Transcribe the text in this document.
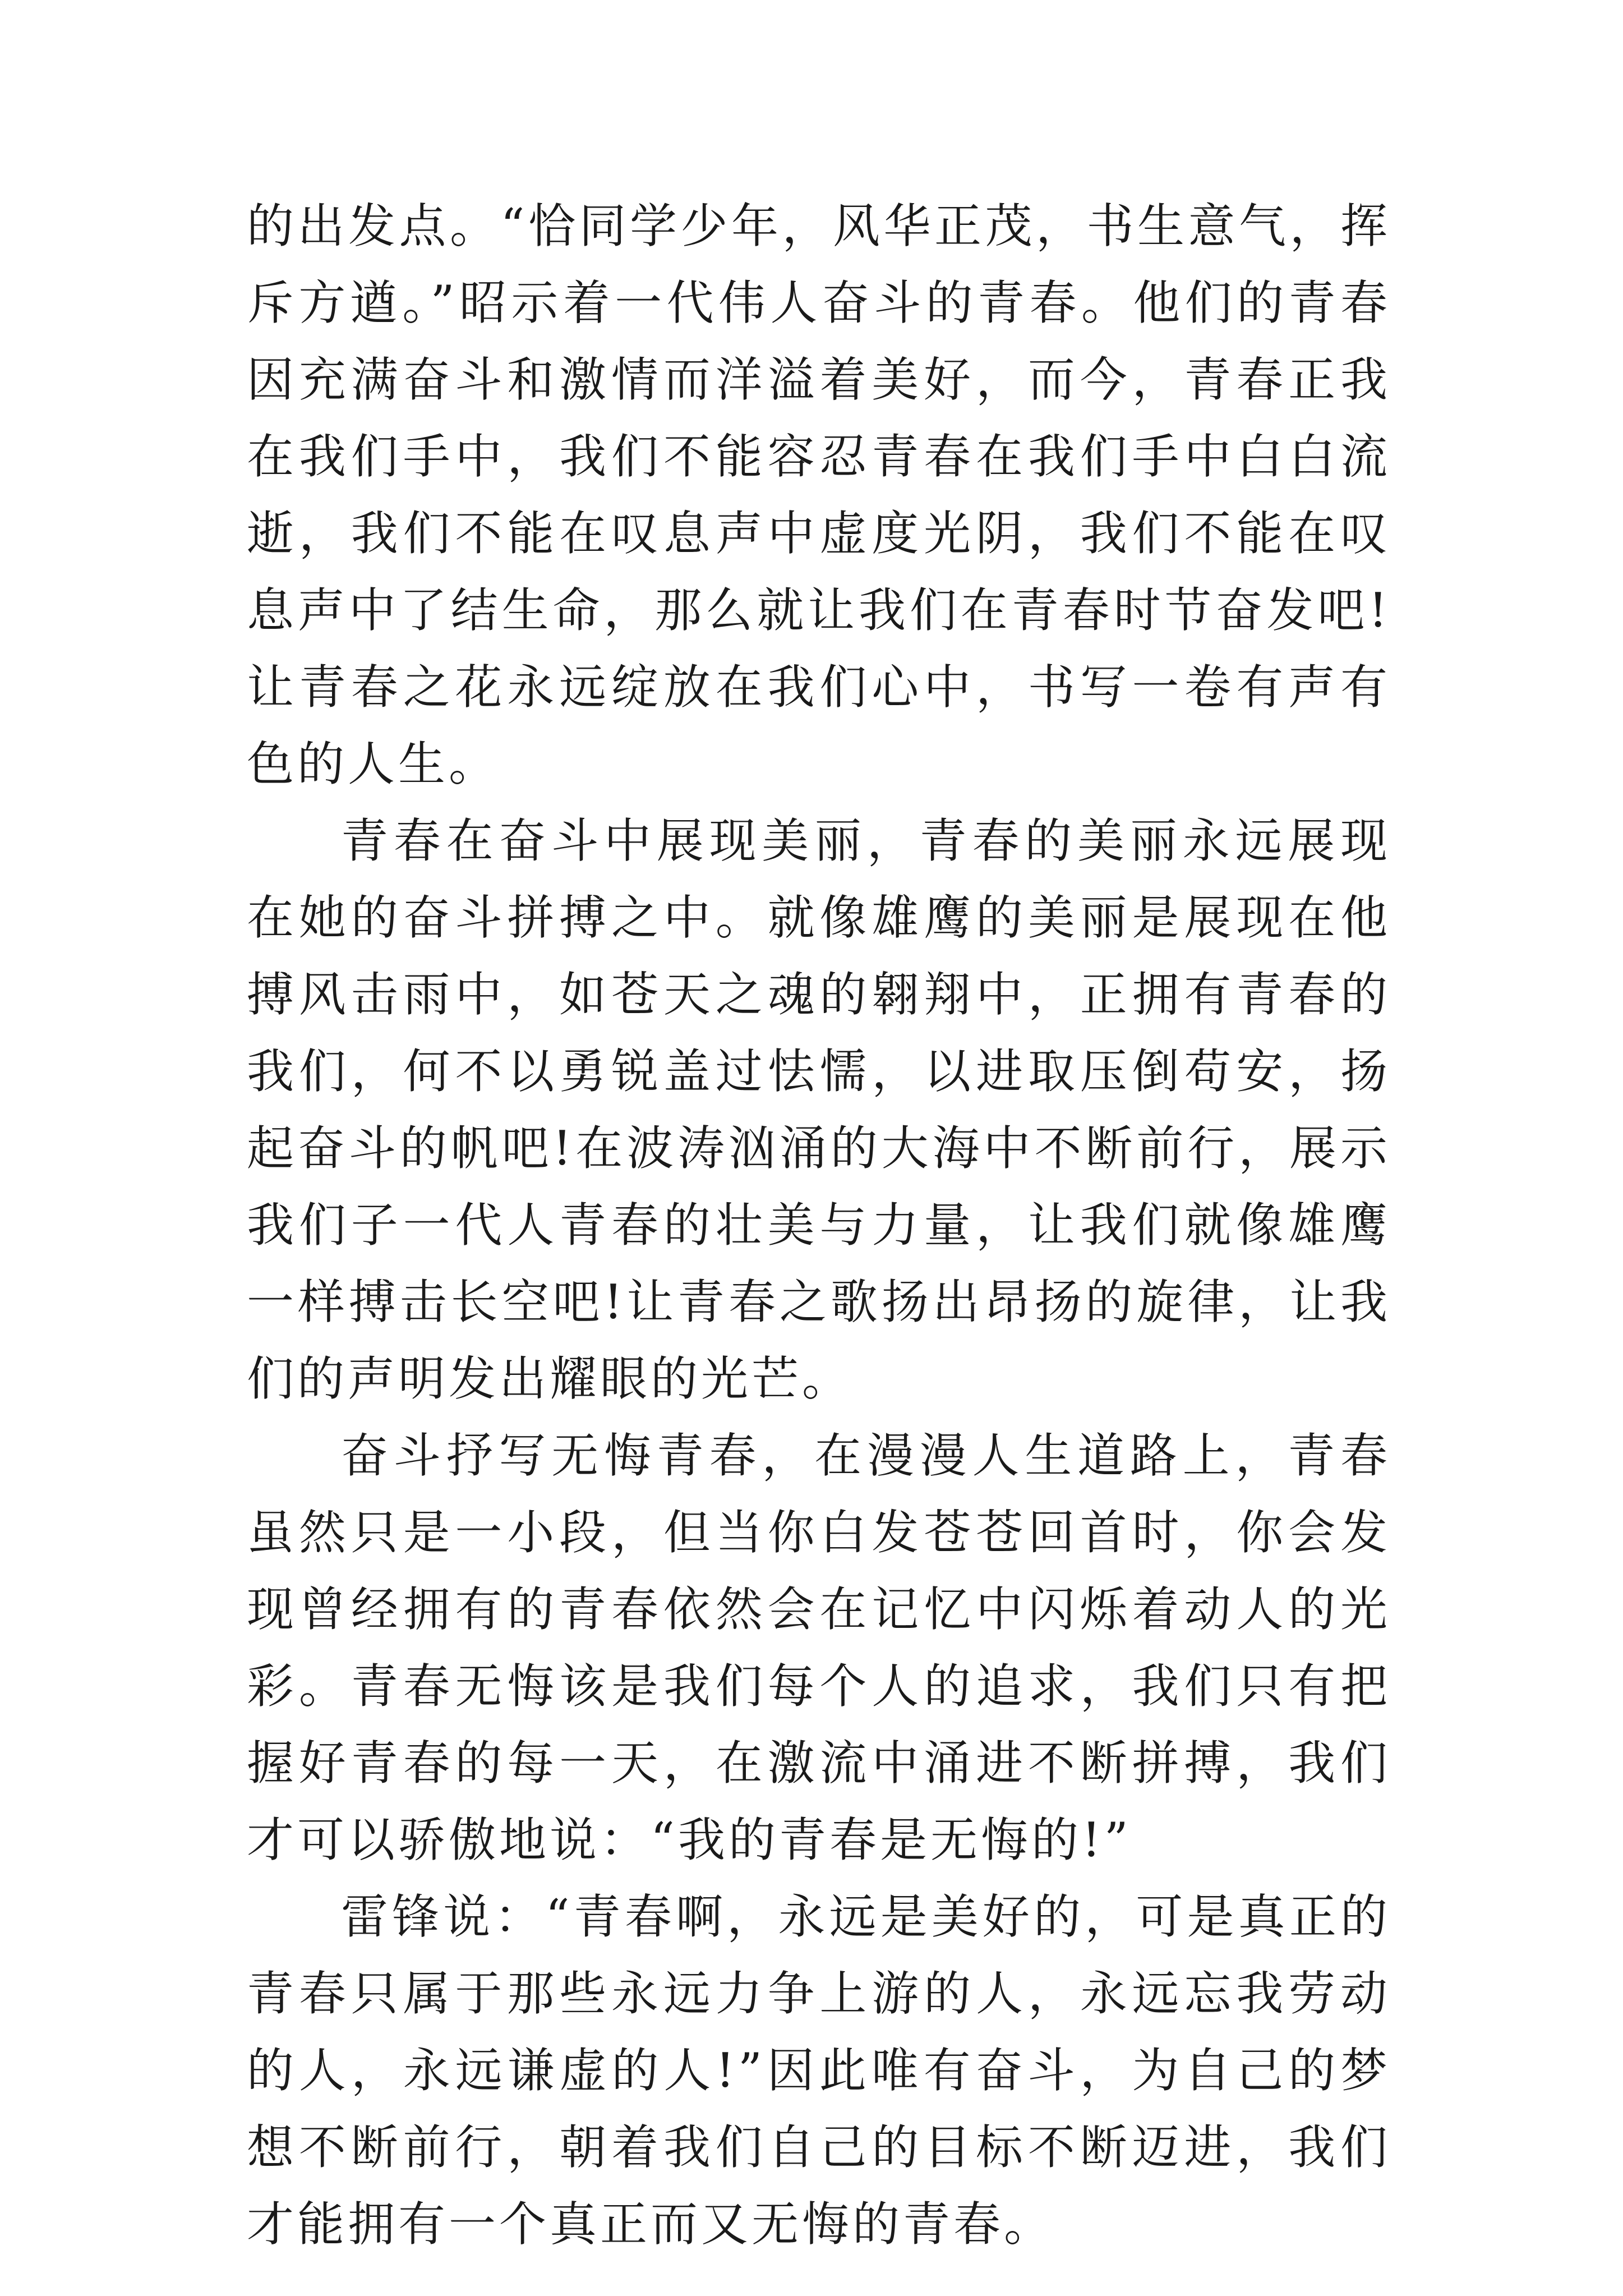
的出发点。“恰同学少年，风华正茂，书生意气，挥斥方遒。”昭示着一代伟人奋斗的青春。他们的青春因充满奋斗和激情而洋溢着美好，而今，青春正我在我们手中，我们不能容忍青春在我们手中白白流逝，我们不能在叹息声中虚度光阴，我们不能在叹息声中了结生命，那么就让我们在青春时节奋发吧!让青春之花永远绽放在我们心中，书写一卷有声有色的人生。

青春在奋斗中展现美丽，青春的美丽永远展现在她的奋斗拼搏之中。就像雄鹰的美丽是展现在他搏风击雨中，如苍天之魂的翱翔中，正拥有青春的我们，何不以勇锐盖过怯懦，以进取压倒苟安，扬起奋斗的帆吧!在波涛汹涌的大海中不断前行，展示我们子一代人青春的壮美与力量，让我们就像雄鹰一样搏击长空吧!让青春之歌扬出昂扬的旋律，让我们的声明发出耀眼的光芒。

奋斗抒写无悔青春，在漫漫人生道路上，青春虽然只是一小段，但当你白发苍苍回首时，你会发现曾经拥有的青春依然会在记忆中闪烁着动人的光彩。青春无悔该是我们每个人的追求，我们只有把握好青春的每一天，在激流中涌进不断拼搏，我们才可以骄傲地说：“我的青春是无悔的!”

雷锋说：“青春啊，永远是美好的，可是真正的青春只属于那些永远力争上游的人，永远忘我劳动的人，永远谦虚的人!”因此唯有奋斗，为自己的梦想不断前行，朝着我们自己的目标不断迈进，我们才能拥有一个真正而又无悔的青春。
